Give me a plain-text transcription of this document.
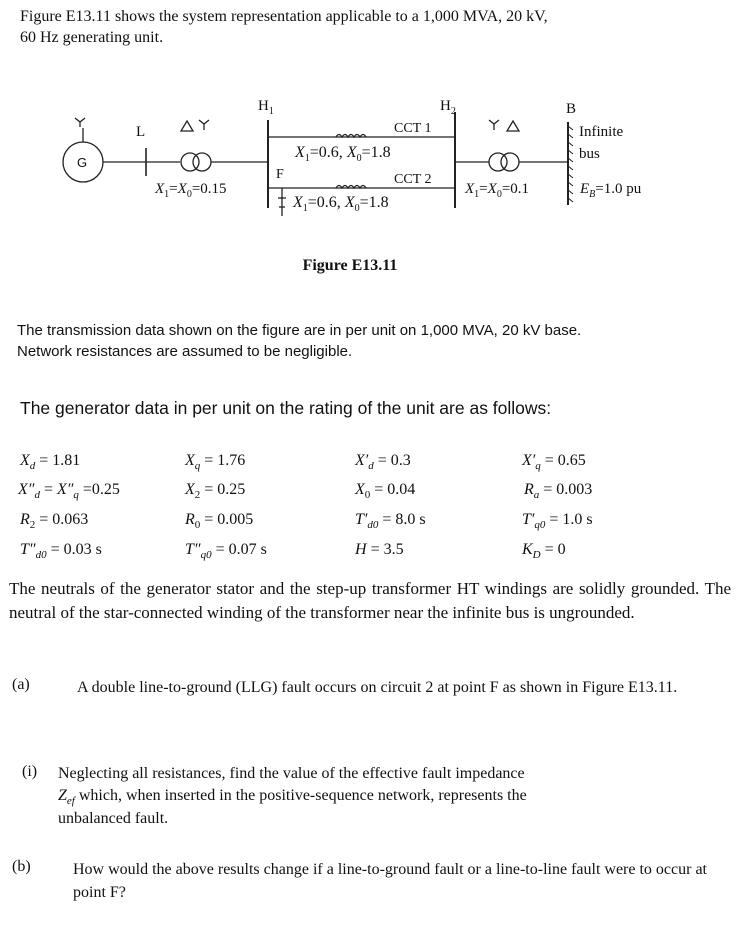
Figure E13.11 shows the system representation applicable to a 1,000 MVA, 20 kV,
60 Hz generating unit.
G
L
$H_1$	$H_2$	B
Infinite
bus
CCT 1
CCT 2
F
$X_1=X_0=0.15$
$X_1=0.6$, $X_0=1.8$
$X_1=0.6$, $X_0=1.8$
$X_1=X_0=0.1$	$E_B=1.0$ pu
Figure E13.11
The transmission data shown on the figure are in per unit on 1,000 MVA, 20 kV base.
Network resistances are assumed to be negligible.
The generator data in per unit on the rating of the unit are as follows:
$X_d = 1.81$	$X_q = 1.76$	$X'_d = 0.3$	$X'_q = 0.65$
$X''_d = X''_q =0.25$	$X_2 = 0.25$	$X_0 = 0.04$	$R_a = 0.003$
$R_2 = 0.063$	$R_0 = 0.005$	$T'_{d0} = 8.0$ s	$T'_{q0} = 1.0$ s
$T''_{d0} = 0.03$ s	$T''_{q0} = 0.07$ s	H = 3.5	$K_D = 0$
The neutrals of the generator stator and the step-up transformer HT windings are solidly grounded. The neutral of the star-connected winding of the transformer near the infinite bus is ungrounded.
(a)	A double line-to-ground (LLG) fault occurs on circuit 2 at point F as shown in Figure E13.11.
(i) Neglecting all resistances, find the value of the effective fault impedance
$Z_{ef}$ which, when inserted in the positive-sequence network, represents the
unbalanced fault.
(b)	How would the above results change if a line-to-ground fault or a line-to-line fault were to occur at point F?
